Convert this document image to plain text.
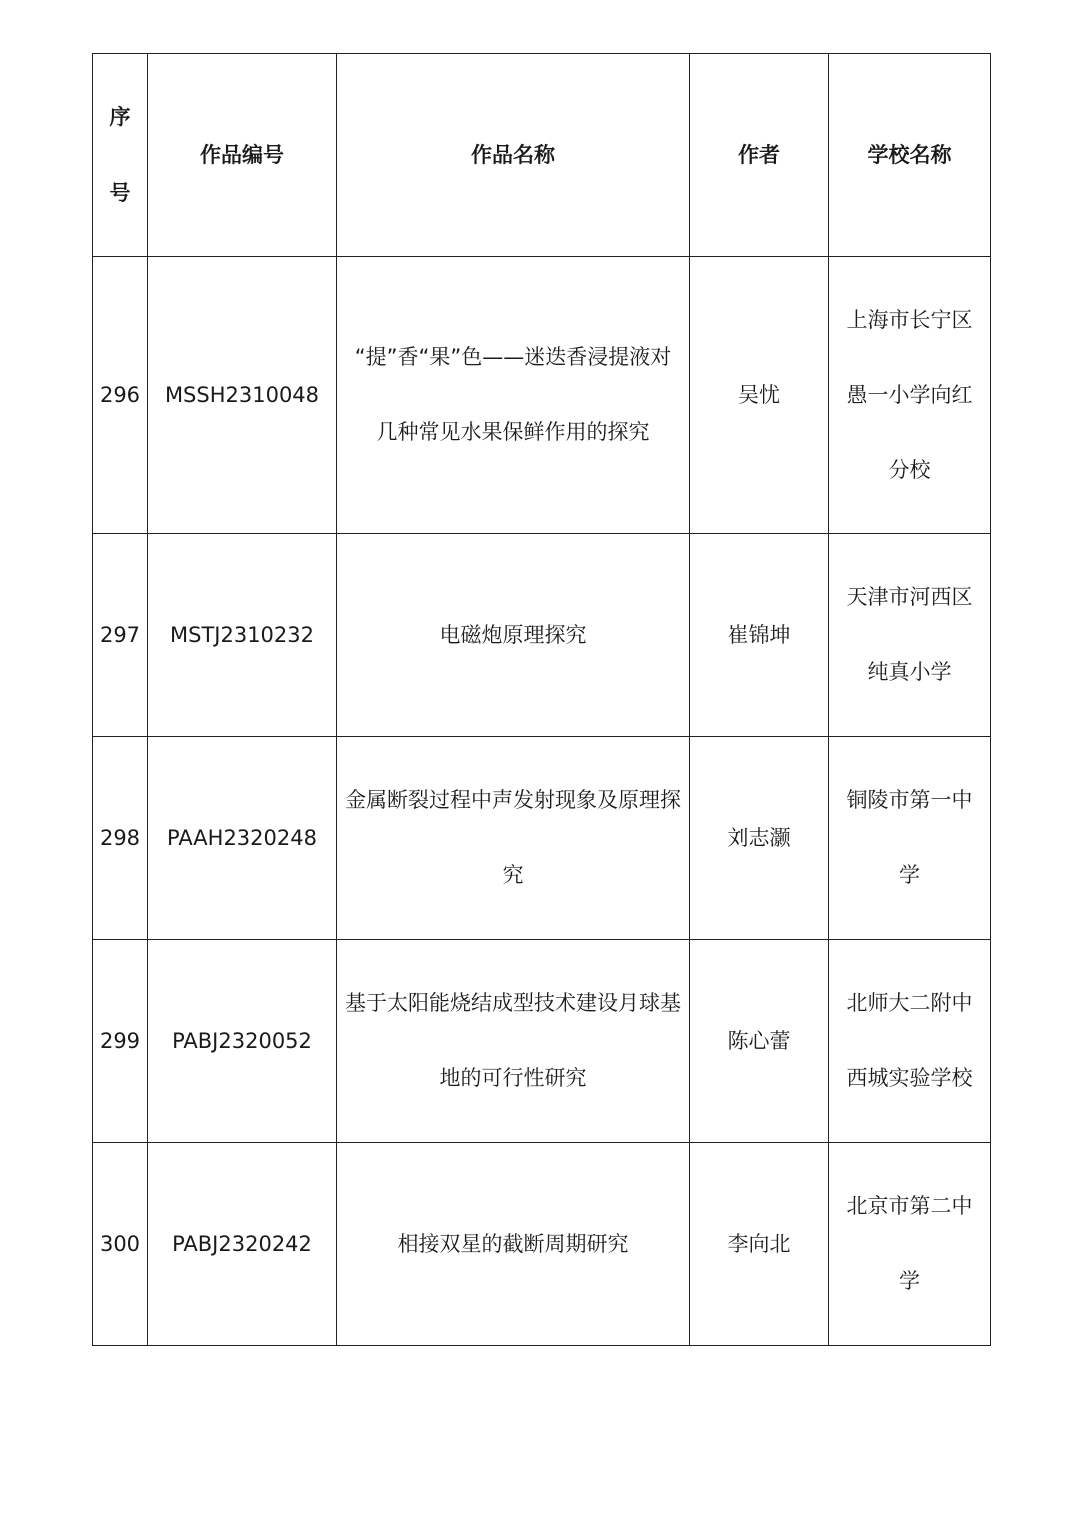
序号	作品编号	作品名称	作者	学校名称
296	MSSH2310048	“提”香“果”色——迷迭香浸提液对几种常见水果保鲜作用的探究	吴忧	上海市长宁区愚一小学向红分校
297	MSTJ2310232	电磁炮原理探究	崔锦坤	天津市河西区纯真小学
298	PAAH2320248	金属断裂过程中声发射现象及原理探究	刘志灏	铜陵市第一中学
299	PABJ2320052	基于太阳能烧结成型技术建设月球基地的可行性研究	陈心蕾	北师大二附中西城实验学校
300	PABJ2320242	相接双星的截断周期研究	李向北	北京市第二中学
